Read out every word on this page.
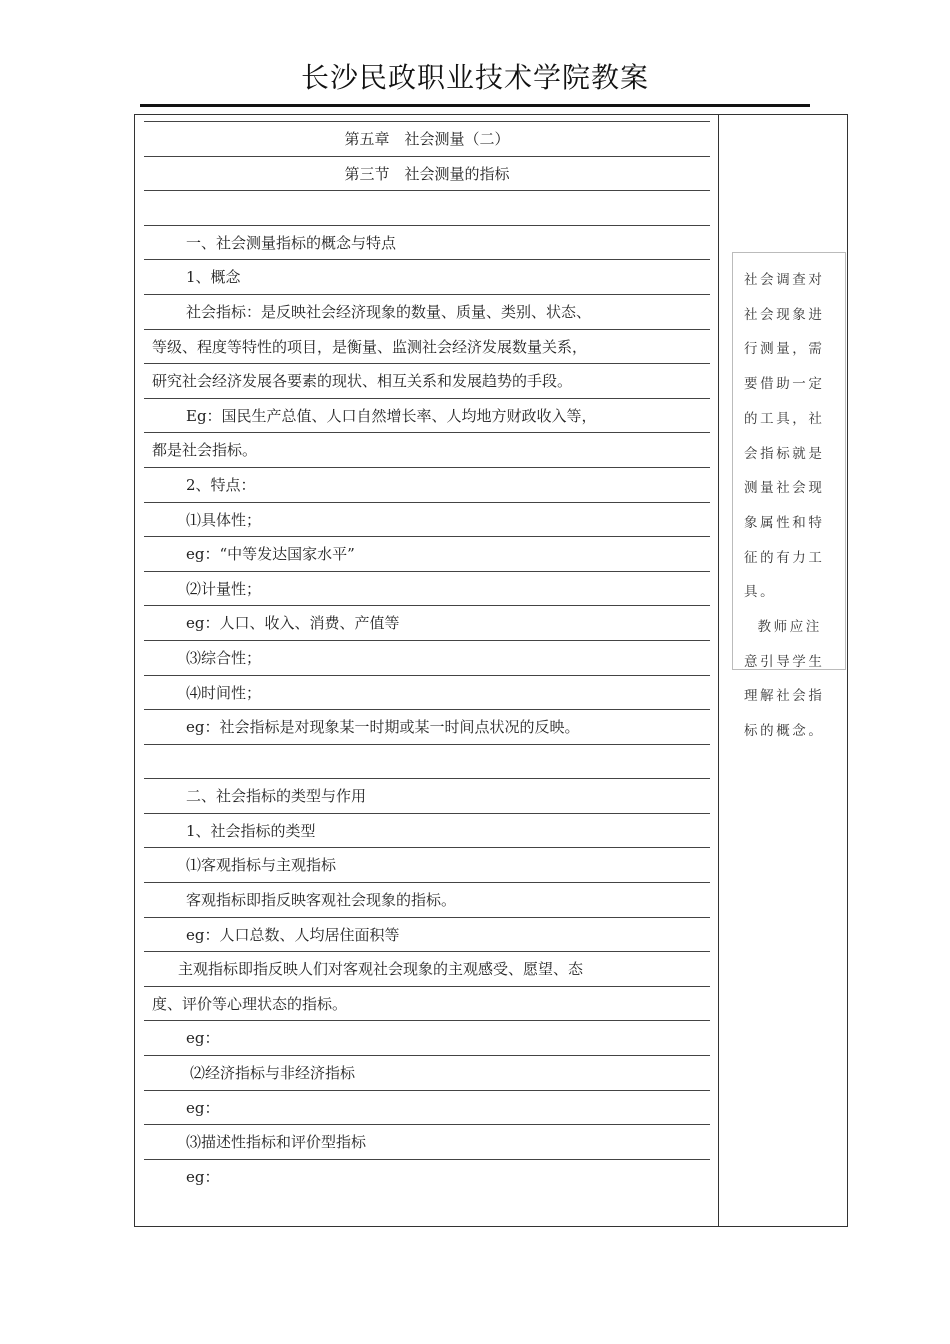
长沙民政职业技术学院教案
第五章　社会测量（二）
第三节　社会测量的指标
一、社会测量指标的概念与特点
1、概念
社会指标：是反映社会经济现象的数量、质量、类别、状态、
等级、程度等特性的项目，是衡量、监测社会经济发展数量关系，
研究社会经济发展各要素的现状、相互关系和发展趋势的手段。
Eg：国民生产总值、人口自然增长率、人均地方财政收入等，
都是社会指标。
2、特点：
⑴具体性；
eg：“中等发达国家水平”
⑵计量性；
eg：人口、收入、消费、产值等
⑶综合性；
⑷时间性；
eg：社会指标是对现象某一时期或某一时间点状况的反映。
二、社会指标的类型与作用
1、社会指标的类型
⑴客观指标与主观指标
客观指标即指反映客观社会现象的指标。
eg：人口总数、人均居住面积等
主观指标即指反映人们对客观社会现象的主观感受、愿望、态
度、评价等心理状态的指标。
eg：
⑵经济指标与非经济指标
eg：
⑶描述性指标和评价型指标
eg：

社会调查对社会现象进行测量，需要借助一定的工具，社会指标就是测量社会现象属性和特征的有力工具。

教师应注意引导学生理解社会指标的概念。
